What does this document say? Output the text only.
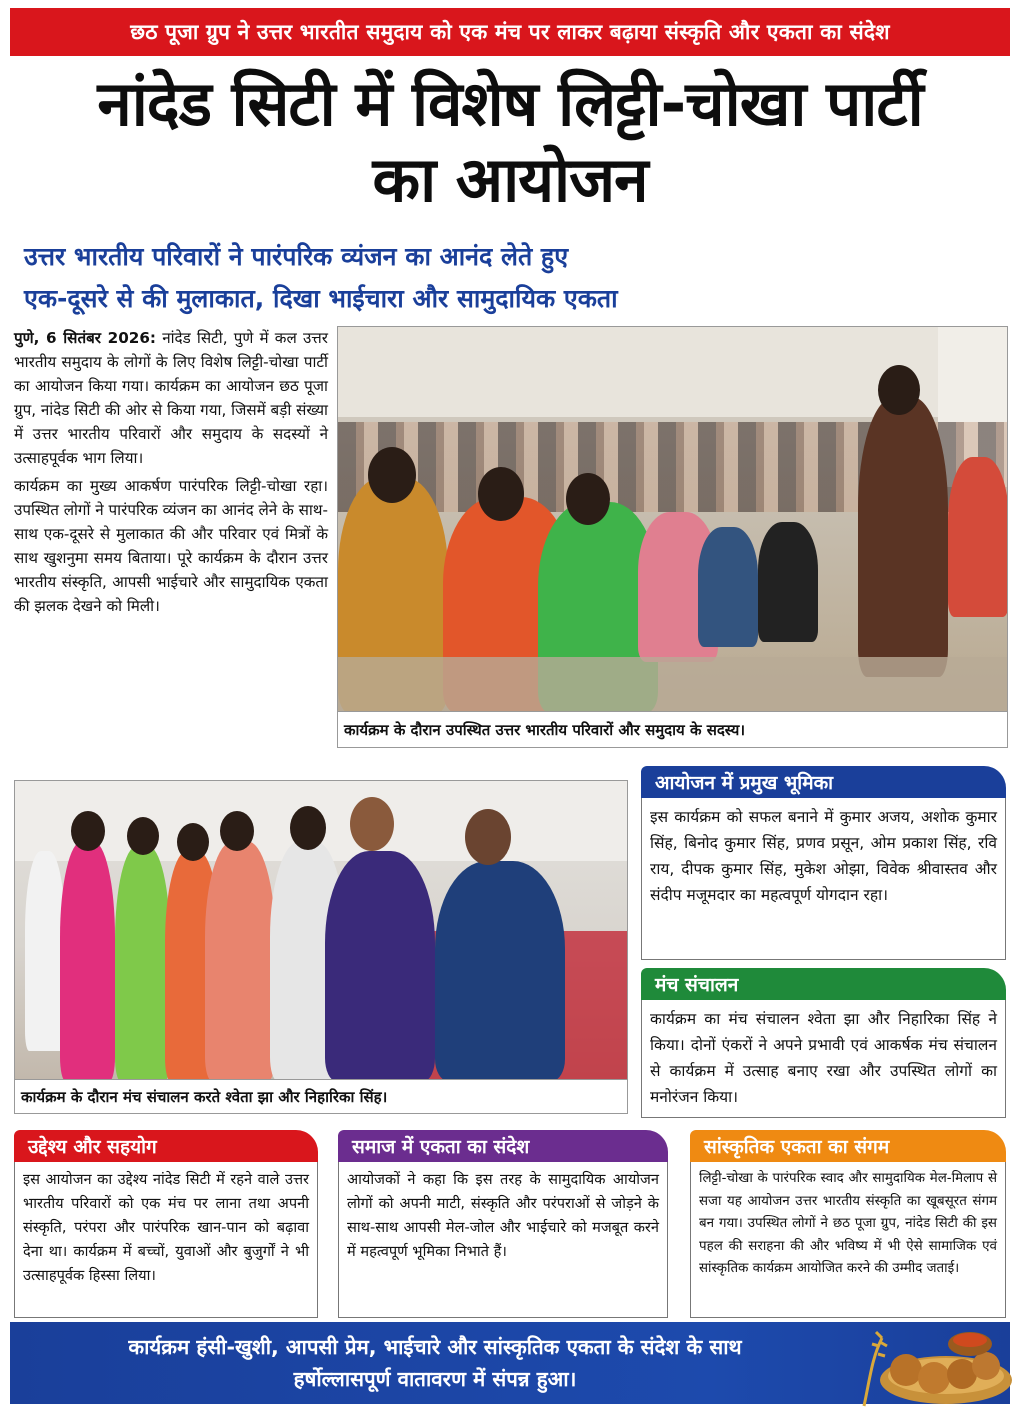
छठ पूजा ग्रुप ने उत्तर भारतीत समुदाय को एक मंच पर लाकर बढ़ाया संस्कृति और एकता का संदेश
नांदेड सिटी में विशेष लिट्टी-चोखा पार्टी
का आयोजन
उत्तर भारतीय परिवारों ने पारंपरिक व्यंजन का आनंद लेते हुए
एक-दूसरे से की मुलाकात, दिखा भाईचारा और सामुदायिक एकता

पुणे, 6 सितंबर 2026: नांदेड सिटी, पुणे में कल उत्तर भारतीय समुदाय के लोगों के लिए विशेष लिट्टी-चोखा पार्टी का आयोजन किया गया। कार्यक्रम का आयोजन छठ पूजा ग्रुप, नांदेड सिटी की ओर से किया गया, जिसमें बड़ी संख्या में उत्तर भारतीय परिवारों और समुदाय के सदस्यों ने उत्साहपूर्वक भाग लिया।

कार्यक्रम का मुख्य आकर्षण पारंपरिक लिट्टी-चोखा रहा। उपस्थित लोगों ने पारंपरिक व्यंजन का आनंद लेने के साथ-साथ एक-दूसरे से मुलाकात की और परिवार एवं मित्रों के साथ खुशनुमा समय बिताया। पूरे कार्यक्रम के दौरान उत्तर भारतीय संस्कृति, आपसी भाईचारे और सामुदायिक एकता की झलक देखने को मिली।

कार्यक्रम के दौरान उपस्थित उत्तर भारतीय परिवारों और समुदाय के सदस्य।
आयोजन में प्रमुख भूमिका
इस कार्यक्रम को सफल बनाने में कुमार अजय, अशोक कुमार सिंह, बिनोद कुमार सिंह, प्रणव प्रसून, ओम प्रकाश सिंह, रवि राय, दीपक कुमार सिंह, मुकेश ओझा, विवेक श्रीवास्तव और संदीप मजूमदार का महत्वपूर्ण योगदान रहा।
कार्यक्रम के दौरान मंच संचालन करते श्वेता झा और निहारिका सिंह।
मंच संचालन
कार्यक्रम का मंच संचालन श्वेता झा और निहारिका सिंह ने किया। दोनों एंकरों ने अपने प्रभावी एवं आकर्षक मंच संचालन से कार्यक्रम में उत्साह बनाए रखा और उपस्थित लोगों का मनोरंजन किया।
उद्देश्य और सहयोग
इस आयोजन का उद्देश्य नांदेड सिटी में रहने वाले उत्तर भारतीय परिवारों को एक मंच पर लाना तथा अपनी संस्कृति, परंपरा और पारंपरिक खान-पान को बढ़ावा देना था। कार्यक्रम में बच्चों, युवाओं और बुजुर्गों ने भी उत्साहपूर्वक हिस्सा लिया।
समाज में एकता का संदेश
आयोजकों ने कहा कि इस तरह के सामुदायिक आयोजन लोगों को अपनी माटी, संस्कृति और परंपराओं से जोड़ने के साथ-साथ आपसी मेल-जोल और भाईचारे को मजबूत करने में महत्वपूर्ण भूमिका निभाते हैं।
सांस्कृतिक एकता का संगम
लिट्टी-चोखा के पारंपरिक स्वाद और सामुदायिक मेल-मिलाप से सजा यह आयोजन उत्तर भारतीय संस्कृति का खूबसूरत संगम बन गया। उपस्थित लोगों ने छठ पूजा ग्रुप, नांदेड सिटी की इस पहल की सराहना की और भविष्य में भी ऐसे सामाजिक एवं सांस्कृतिक कार्यक्रम आयोजित करने की उम्मीद जताई।
कार्यक्रम हंसी-खुशी, आपसी प्रेम, भाईचारे और सांस्कृतिक एकता के संदेश के साथ
हर्षोल्लासपूर्ण वातावरण में संपन्न हुआ।
